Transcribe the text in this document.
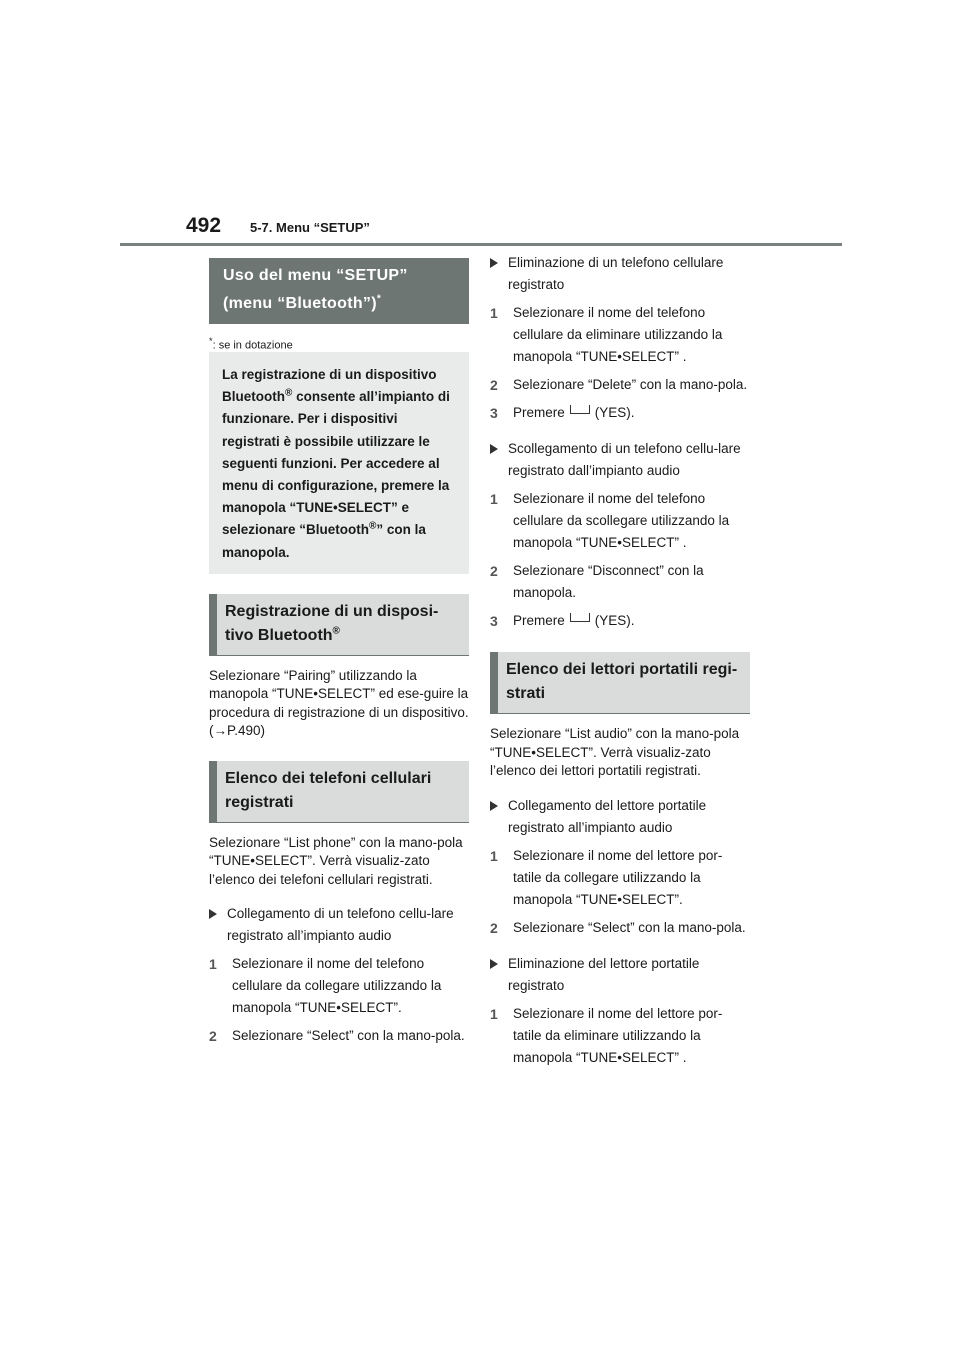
492 5-7. Menu “SETUP”
Uso del menu “SETUP” (menu “Bluetooth”)*
*: se in dotazione
La registrazione di un dispositivo Bluetooth® consente all’impianto di funzionare. Per i dispositivi registrati è possibile utilizzare le seguenti funzioni. Per accedere al menu di configurazione, premere la manopola “TUNE•SELECT” e selezionare “Bluetooth®” con la manopola.
Registrazione di un disposi-tivo Bluetooth®
Selezionare “Pairing” utilizzando la manopola “TUNE•SELECT” ed ese-guire la procedura di registrazione di un dispositivo. (→P.490)
Elenco dei telefoni cellulari registrati
Selezionare “List phone” con la mano-pola “TUNE•SELECT”. Verrà visualiz-zato l’elenco dei telefoni cellulari registrati.
Collegamento di un telefono cellu-lare registrato all’impianto audio
1 Selezionare il nome del telefono cellulare da collegare utilizzando la manopola “TUNE•SELECT”.
2 Selezionare “Select” con la mano-pola.
Eliminazione di un telefono cellulare registrato
1 Selezionare il nome del telefono cellulare da eliminare utilizzando la manopola “TUNE•SELECT” .
2 Selezionare “Delete” con la mano-pola.
3 Premere (YES).
Scollegamento di un telefono cellu-lare registrato dall’impianto audio
1 Selezionare il nome del telefono cellulare da scollegare utilizzando la manopola “TUNE•SELECT” .
2 Selezionare “Disconnect” con la manopola.
3 Premere (YES).
Elenco dei lettori portatili regi-strati
Selezionare “List audio” con la mano-pola “TUNE•SELECT”. Verrà visualiz-zato l’elenco dei lettori portatili registrati.
Collegamento del lettore portatile registrato all’impianto audio
1 Selezionare il nome del lettore por-tatile da collegare utilizzando la manopola “TUNE•SELECT”.
2 Selezionare “Select” con la mano-pola.
Eliminazione del lettore portatile registrato
1 Selezionare il nome del lettore por-tatile da eliminare utilizzando la manopola “TUNE•SELECT” .
